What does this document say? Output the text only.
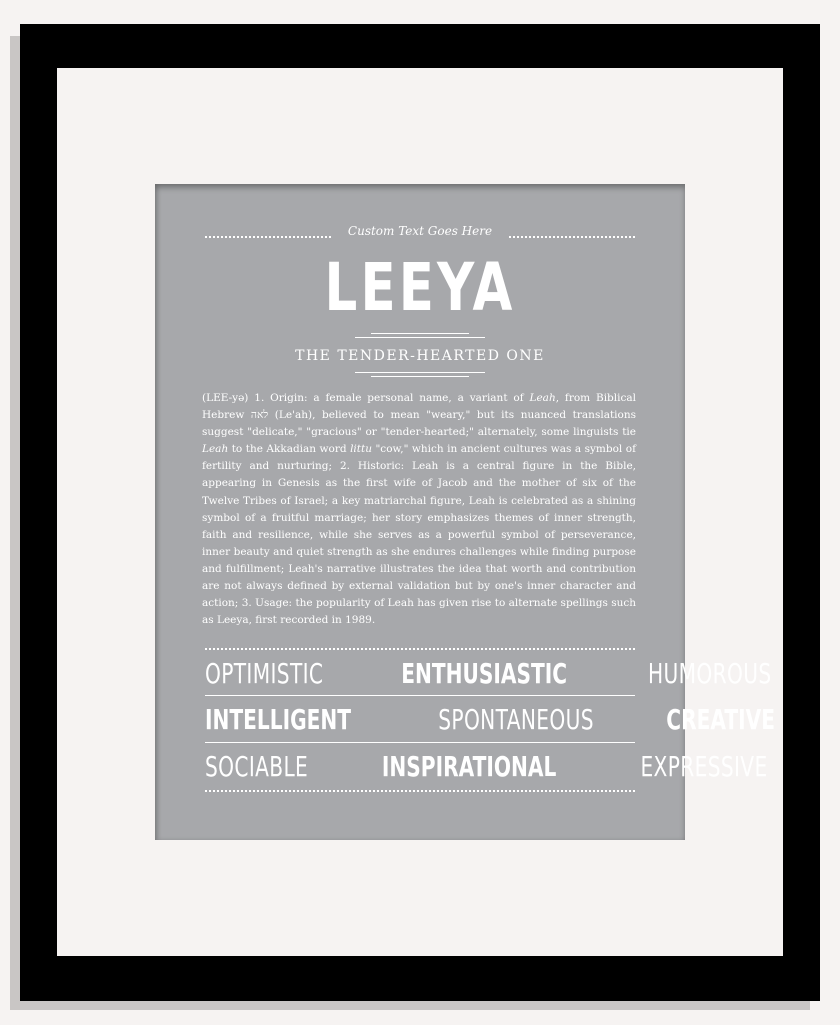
Custom Text Goes Here
LEEYA
THE TENDER-HEARTED ONE
(LEE-yə) 1. Origin: a female personal name, a variant of Leah, from Biblical Hebrew לאה (Le'ah), believed to mean "weary," but its nuanced translations suggest "delicate," "gracious" or "tender-hearted;" alternately, some linguists tie Leah to the Akkadian word littu "cow," which in ancient cultures was a symbol of fertility and nurturing; 2. Historic: Leah is a central figure in the Bible, appearing in Genesis as the first wife of Jacob and the mother of six of the Twelve Tribes of Israel; a key matriarchal figure, Leah is celebrated as a shining symbol of a fruitful marriage; her story emphasizes themes of inner strength, faith and resilience, while she serves as a powerful symbol of perseverance, inner beauty and quiet strength as she endures challenges while finding purpose and fulfillment; Leah's narrative illustrates the idea that worth and contribution are not always defined by external validation but by one's inner character and action; 3. Usage: the popularity of Leah has given rise to alternate spellings such as Leeya, first recorded in 1989.
OPTIMISTIC	ENTHUSIASTIC	HUMOROUS
INTELLIGENT	SPONTANEOUS	CREATIVE
SOCIABLE	INSPIRATIONAL	EXPRESSIVE
